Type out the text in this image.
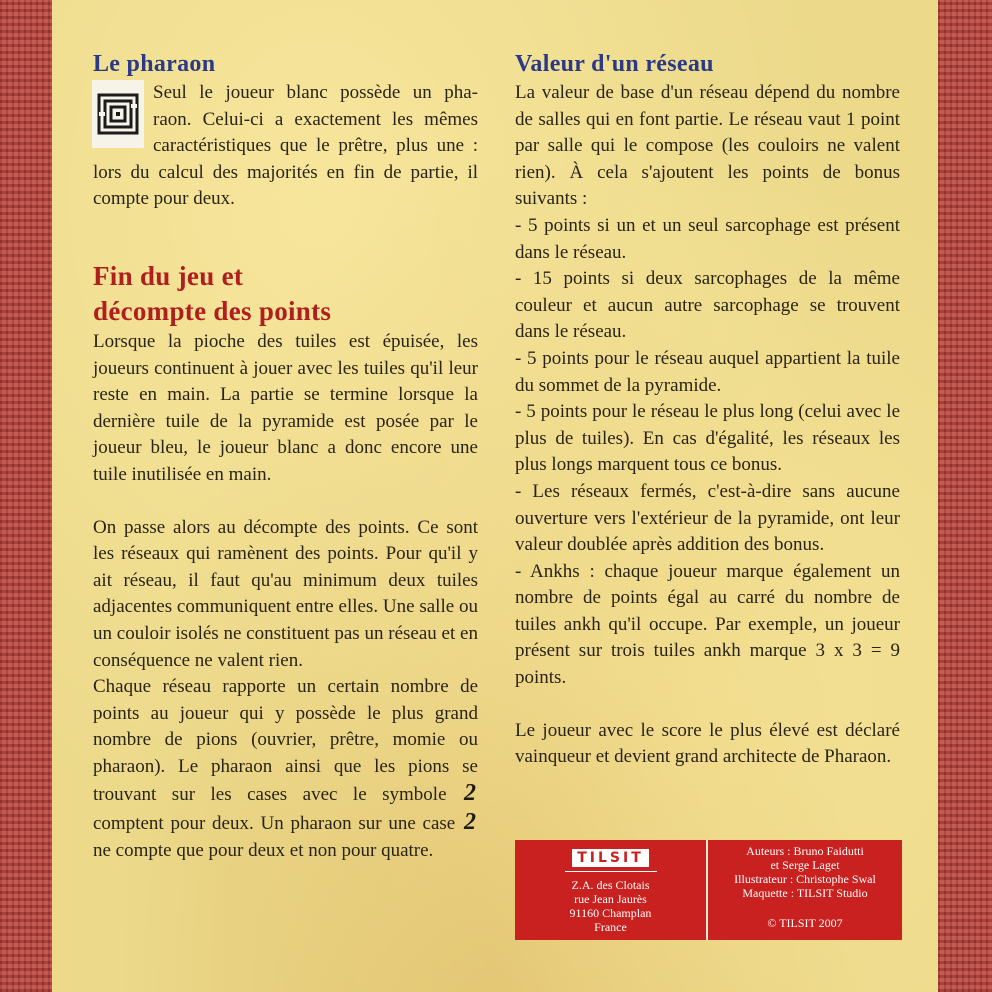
Le pharaon

Seul le joueur blanc possède un pha-

raon. Celui-ci a exactement les mêmes

caractéristiques que le prêtre, plus une :

lors du calcul des majorités en fin de partie, il compte pour deux.

Fin du jeu et
décompte des points

Lorsque la pioche des tuiles est épuisée, les joueurs continuent à jouer avec les tuiles qu'il leur reste en main. La partie se termine lorsque la dernière tuile de la pyramide est posée par le joueur bleu, le joueur blanc a donc encore une tuile inutilisée en main.

On passe alors au décompte des points. Ce sont les réseaux qui ramènent des points. Pour qu'il y ait réseau, il faut qu'au minimum deux tuiles adjacentes communiquent entre elles. Une salle ou un couloir isolés ne constituent pas un réseau et en conséquence ne valent rien.

Chaque réseau rapporte un certain nombre de points au joueur qui y possède le plus grand nombre de pions (ouvrier, prêtre, momie ou pharaon). Le pharaon ainsi que les pions se trouvant sur les cases avec le symbole 2 comptent pour deux. Un pharaon sur une case 2 ne compte que pour deux et non pour quatre.

Valeur d'un réseau

La valeur de base d'un réseau dépend du nombre de salles qui en font partie. Le réseau vaut 1 point par salle qui le compose (les couloirs ne valent rien). À cela s'ajoutent les points de bonus suivants :

- 5 points si un et un seul sarcophage est présent dans le réseau.

- 15 points si deux sarcophages de la même couleur et aucun autre sarcophage se trouvent dans le réseau.

- 5 points pour le réseau auquel appartient la tuile du sommet de la pyramide.

- 5 points pour le réseau le plus long (celui avec le plus de tuiles). En cas d'égalité, les réseaux les plus longs marquent tous ce bonus.

- Les réseaux fermés, c'est-à-dire sans aucune ouverture vers l'extérieur de la pyramide, ont leur valeur doublée après addition des bonus.

- Ankhs : chaque joueur marque également un nombre de points égal au carré du nombre de tuiles ankh qu'il occupe. Par exemple, un joueur présent sur trois tuiles ankh marque 3 x 3 = 9 points.

Le joueur avec le score le plus élevé est déclaré vainqueur et devient grand architecte de Pharaon.

TILSIT
Z.A. des Clotais
rue Jean Jaurès
91160 Champlan
France
Auteurs : Bruno Faidutti
et Serge Laget
Illustrateur : Christophe Swal
Maquette : TILSIT Studio
© TILSIT 2007
